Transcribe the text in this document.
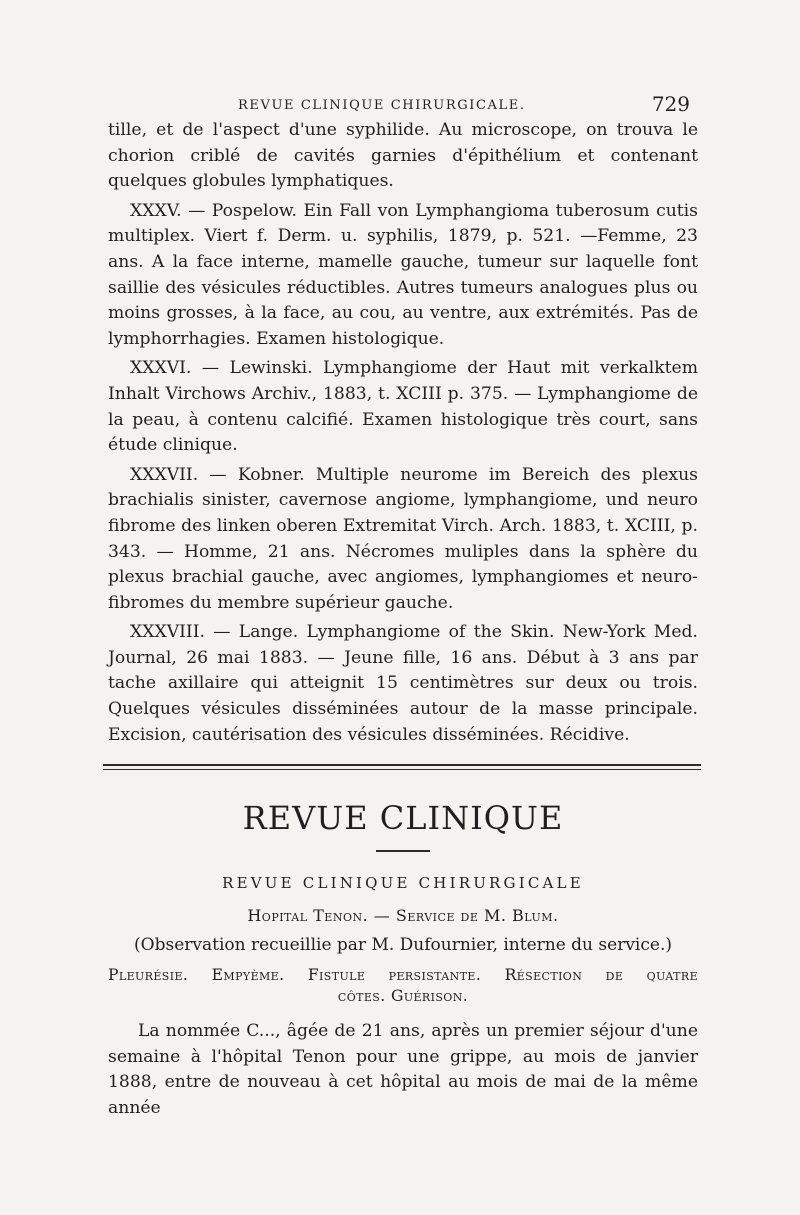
REVUE CLINIQUE CHIRURGICALE.	729

tille, et de l'aspect d'une syphilide. Au microscope, on trouva le chorion criblé de cavités garnies d'épithélium et contenant quelques globules lymphatiques.

XXXV. — Pospelow. Ein Fall von Lymphangioma tuberosum cutis multiplex. Viert f. Derm. u. syphilis, 1879, p. 521. —Femme, 23 ans. A la face interne, mamelle gauche, tumeur sur laquelle font saillie des vésicules réductibles. Autres tumeurs analogues plus ou moins grosses, à la face, au cou, au ventre, aux extrémités. Pas de lymphorrhagies. Examen histologique.

XXXVI. — Lewinski. Lymphangiome der Haut mit verkalktem Inhalt Virchows Archiv., 1883, t. XCIII p. 375. — Lymphangiome de la peau, à contenu calcifié. Examen histologique très court, sans étude clinique.

XXXVII. — Kobner. Multiple neurome im Bereich des plexus brachialis sinister, cavernose angiome, lymphangiome, und neuro fibrome des linken oberen Extremitat Virch. Arch. 1883, t. XCIII, p. 343. — Homme, 21 ans. Nécromes muliples dans la sphère du plexus brachial gauche, avec angiomes, lymphangiomes et neuro-fibromes du membre supérieur gauche.

XXXVIII. — Lange. Lymphangiome of the Skin. New-York Med. Journal, 26 mai 1883. — Jeune fille, 16 ans. Début à 3 ans par tache axillaire qui atteignit 15 centimètres sur deux ou trois. Quelques vésicules disséminées autour de la masse principale. Excision, cautérisation des vésicules disséminées. Récidive.

REVUE CLINIQUE
REVUE CLINIQUE CHIRURGICALE
Hopital Tenon. — Service de M. Blum.
(Observation recueillie par M. Dufournier, interne du service.)
Pleurésie. Empyème. Fistule persistante. Résection de quatre
côtes. Guérison.

La nommée C..., âgée de 21 ans, après un premier séjour d'une semaine à l'hôpital Tenon pour une grippe, au mois de janvier 1888, entre de nouveau à cet hôpital au mois de mai de la même année
